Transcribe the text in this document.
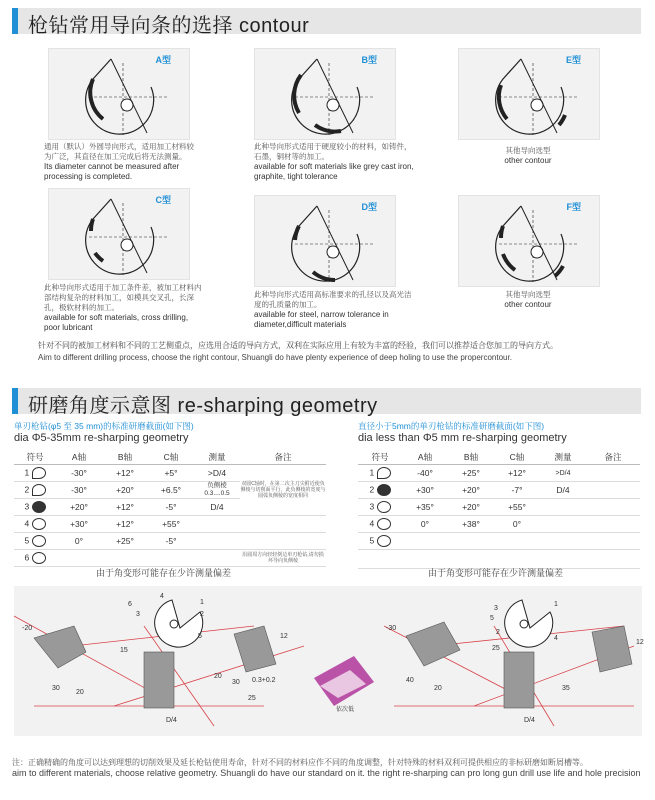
枪钻常用导向条的选择 contour
A型	B型	E型
通用（默认）外圆导向形式，适用加工材料较为广泛，其直径在加工完成后将无法测量。
Its diameter cannot be measured after processing is completed.
此种导向形式适用于硬度较小的材料，如铸件，石墨，铜材等的加工。
available for soft materials like grey cast iron, graphite, tight tolerance
其他导向选型
other contour
C型
D型	F型
此种导向形式适用于加工条件差，被加工材料内部结构复杂的材料加工，如模具交叉孔，长深孔，极软材料的加工。
available for soft materials, cross drilling, poor lubricant
此种导向形式适用高标准要求的孔径以及高光洁度的孔质量的加工。
available for steel, narrow tolerance in diameter,difficult materials
其他导向选型
other contour
针对不同的被加工材料和不同的工艺侧重点，应选用合适的导向方式，双利在实际应用上有较为丰富的经验，我们可以推荐适合您加工的导向方式。
Aim to different drilling process, choose the right contour, Shuangli do have plenty experience of deep holing to use the propercontour.
研磨角度示意图 re-sharping geometry
单刃枪钻(φ5 至 35 mm)的标准研磨截面(如下图)
dia Φ5-35mm re-sharping geometry
符号	A轴	B轴	C轴	测量	备注
1	-30°	+12°	+5°	>D/4	双圆C轴时，在第二次主刀尖附近使负侧棱与切削面平行，此负侧棱的宽度与圆弧负侧棱的宽度相同
2	-30°	+20°	+6.5°	负侧棱 0.3....0.5	
3	+20°	+12°	-5°	D/4	
4	+30°	+12°	+55°		
5	0°	+25°	-5°		
6					沿圆周方向轻轻倒边单刃枪钻,请勿损坏导向负侧棱
由于角变形可能存在少许测量偏差
直径小于5mm的单刃枪钻的标准研磨截面(如下图)
dia less than Φ5 mm re-sharping geometry
符号	A轴	B轴	C轴	测量	备注
1	-40°	+25°	+12°	>D/4	
2	+30°	+20°	-7°	D/4	
3	+35°	+20°	+55°		
4	0°	+38°	0°		
5					

由于角变形可能存在少许测量偏差
依次低
-20
30
20
15
20
30
12
0.3+0.2
25
D/4
4
6
3
1
2
5
-30
40
20
25
35
12
D/4
3
5
1
2
4
注：正确精确的角度可以达到理想的切削效果及延长枪钻使用寿命，针对不同的材料应作不同的角度调整，针对特殊的材料双利可提供相应的非标研磨如断屑槽等。
aim to different materials, choose relative geometry. Shuangli do have our standard on it. the right re-sharping can pro long gun drill use life and hole precision
